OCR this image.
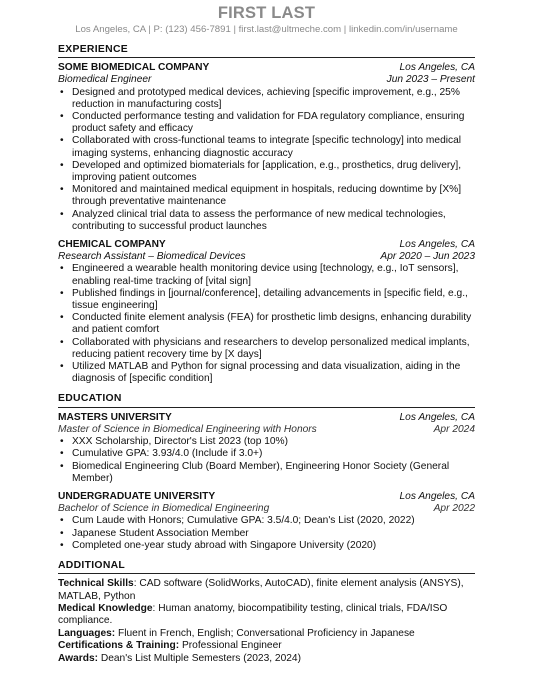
FIRST LAST
Los Angeles, CA | P: (123) 456-7891 | first.last@ultmeche.com | linkedin.com/in/username
EXPERIENCE
SOME BIOMEDICAL COMPANY	Los Angeles, CA
Biomedical Engineer	Jun 2023 – Present
• Designed and prototyped medical devices, achieving [specific improvement, e.g., 25% reduction in manufacturing costs]
• Conducted performance testing and validation for FDA regulatory compliance, ensuring product safety and efficacy
• Collaborated with cross-functional teams to integrate [specific technology] into medical imaging systems, enhancing diagnostic accuracy
• Developed and optimized biomaterials for [application, e.g., prosthetics, drug delivery], improving patient outcomes
• Monitored and maintained medical equipment in hospitals, reducing downtime by [X%] through preventative maintenance
• Analyzed clinical trial data to assess the performance of new medical technologies, contributing to successful product launches
CHEMICAL COMPANY	Los Angeles, CA
Research Assistant – Biomedical Devices	Apr 2020 – Jun 2023
• Engineered a wearable health monitoring device using [technology, e.g., IoT sensors], enabling real-time tracking of [vital sign]
• Published findings in [journal/conference], detailing advancements in [specific field, e.g., tissue engineering]
• Conducted finite element analysis (FEA) for prosthetic limb designs, enhancing durability and patient comfort
• Collaborated with physicians and researchers to develop personalized medical implants, reducing patient recovery time by [X days]
• Utilized MATLAB and Python for signal processing and data visualization, aiding in the diagnosis of [specific condition]
EDUCATION
MASTERS UNIVERSITY	Los Angeles, CA
Master of Science in Biomedical Engineering with Honors	Apr 2024
• XXX Scholarship, Director's List 2023 (top 10%)
• Cumulative GPA: 3.93/4.0 (Include if 3.0+)
• Biomedical Engineering Club (Board Member), Engineering Honor Society (General Member)
UNDERGRADUATE UNIVERSITY	Los Angeles, CA
Bachelor of Science in Biomedical Engineering	Apr 2022
• Cum Laude with Honors; Cumulative GPA: 3.5/4.0; Dean's List (2020, 2022)
• Japanese Student Association Member
• Completed one-year study abroad with Singapore University (2020)
ADDITIONAL
Technical Skills: CAD software (SolidWorks, AutoCAD), finite element analysis (ANSYS), MATLAB, Python
Medical Knowledge: Human anatomy, biocompatibility testing, clinical trials, FDA/ISO compliance.
Languages: Fluent in French, English; Conversational Proficiency in Japanese
Certifications & Training: Professional Engineer
Awards: Dean's List Multiple Semesters (2023, 2024)
